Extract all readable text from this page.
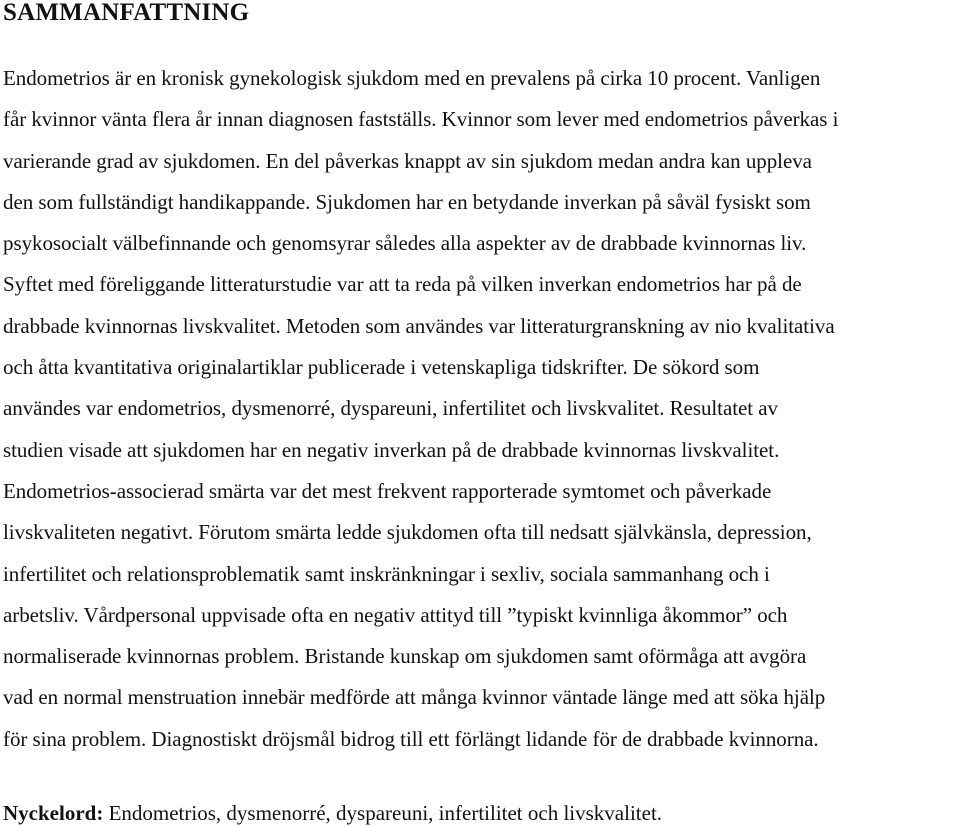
SAMMANFATTNING

Endometrios är en kronisk gynekologisk sjukdom med en prevalens på cirka 10 procent. Vanligen
får kvinnor vänta flera år innan diagnosen fastställs. Kvinnor som lever med endometrios påverkas i
varierande grad av sjukdomen. En del påverkas knappt av sin sjukdom medan andra kan uppleva
den som fullständigt handikappande. Sjukdomen har en betydande inverkan på såväl fysiskt som
psykosocialt välbefinnande och genomsyrar således alla aspekter av de drabbade kvinnornas liv.
Syftet med föreliggande litteraturstudie var att ta reda på vilken inverkan endometrios har på de
drabbade kvinnornas livskvalitet. Metoden som användes var litteraturgranskning av nio kvalitativa
och åtta kvantitativa originalartiklar publicerade i vetenskapliga tidskrifter. De sökord som
användes var endometrios, dysmenorré, dyspareuni, infertilitet och livskvalitet. Resultatet av
studien visade att sjukdomen har en negativ inverkan på de drabbade kvinnornas livskvalitet.
Endometrios-associerad smärta var det mest frekvent rapporterade symtomet och påverkade
livskvaliteten negativt. Förutom smärta ledde sjukdomen ofta till nedsatt självkänsla, depression,
infertilitet och relationsproblematik samt inskränkningar i sexliv, sociala sammanhang och i
arbetsliv. Vårdpersonal uppvisade ofta en negativ attityd till ”typiskt kvinnliga åkommor” och
normaliserade kvinnornas problem. Bristande kunskap om sjukdomen samt oförmåga att avgöra
vad en normal menstruation innebär medförde att många kvinnor väntade länge med att söka hjälp
för sina problem. Diagnostiskt dröjsmål bidrog till ett förlängt lidande för de drabbade kvinnorna.

Nyckelord: Endometrios, dysmenorré, dyspareuni, infertilitet och livskvalitet.
